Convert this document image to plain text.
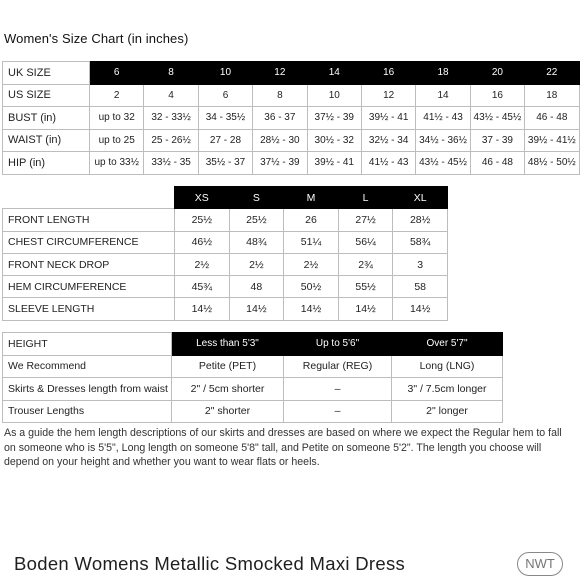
Women's Size Chart (in inches)
UK SIZE	6	8	10	12	14	16	18	20	22
US SIZE	2	4	6	8	10	12	14	16	18
BUST (in)	up to 32	32 - 33½	34 - 35½	36 - 37	37½ - 39	39½ - 41	41½ - 43	43½ - 45½	46 - 48
WAIST (in)	up to 25	25 - 26½	27 - 28	28½ - 30	30½ - 32	32½ - 34	34½ - 36½	37 - 39	39½ - 41½
HIP (in)	up to 33½	33½ - 35	35½ - 37	37½ - 39	39½ - 41	41½ - 43	43½ - 45½	46 - 48	48½ - 50½
	XS	S	M	L	XL
FRONT LENGTH	25½	25½	26	27½	28½
CHEST CIRCUMFERENCE	46½	48¾	51¼	56¼	58¾
FRONT NECK DROP	2½	2½	2½	2¾	3
HEM CIRCUMFERENCE	45¾	48	50½	55½	58
SLEEVE LENGTH	14½	14½	14½	14½	14½
HEIGHT	Less than 5'3"	Up to 5'6"	Over 5'7"
We Recommend	Petite (PET)	Regular (REG)	Long (LNG)
Skirts & Dresses length from waist	2" / 5cm shorter	–	3" / 7.5cm longer
Trouser Lengths	2" shorter	–	2" longer
As a guide the hem length descriptions of our skirts and dresses are based on where we expect the Regular hem to fall on someone who is 5'5", Long length on someone 5'8" tall, and Petite on someone 5'2". The length you choose will depend on your height and whether you want to wear flats or heels.
Boden Womens Metallic Smocked Maxi Dress	NWT
